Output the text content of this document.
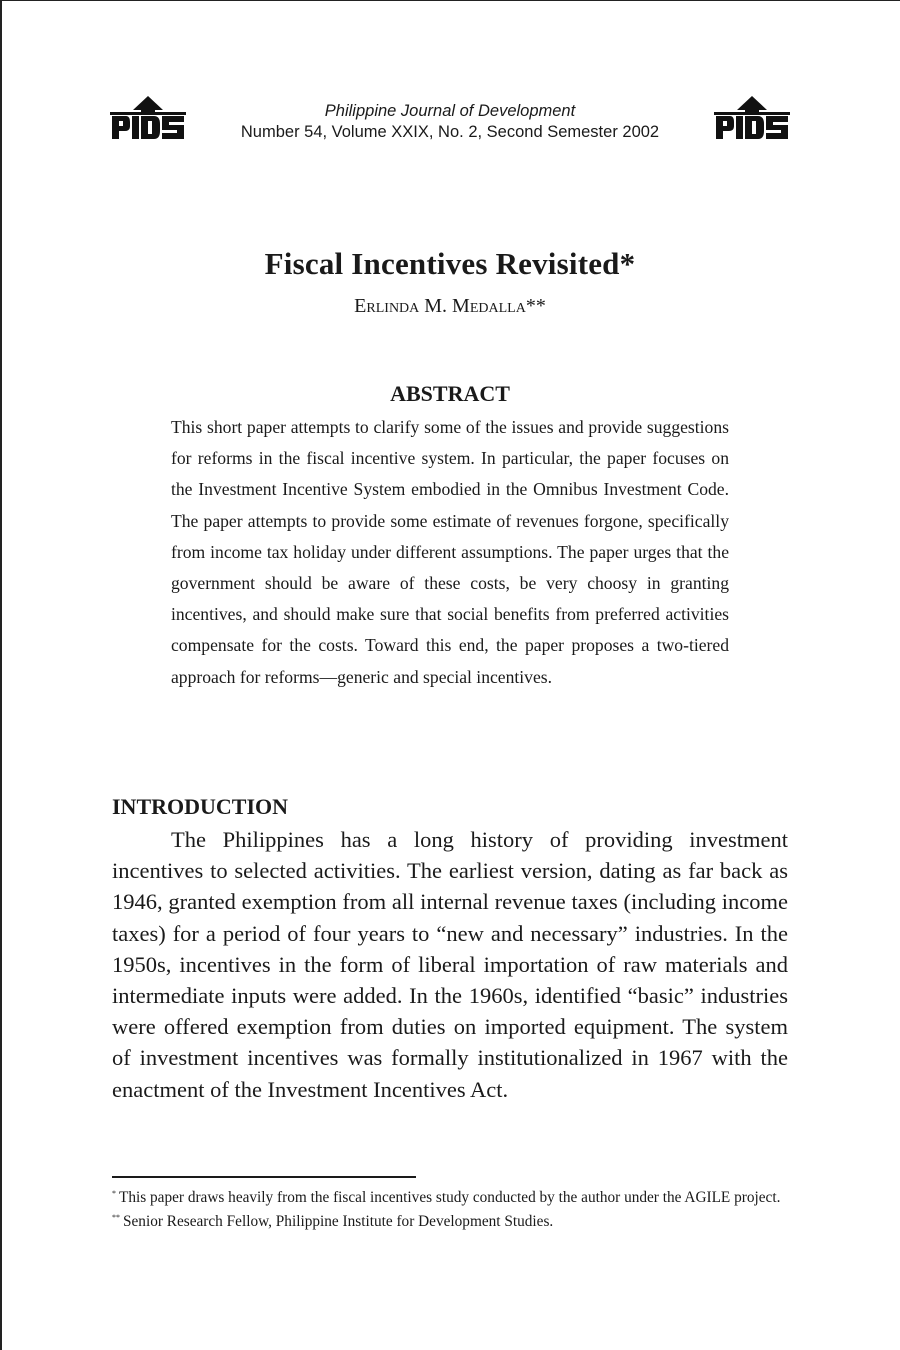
Philippine Journal of Development
Number 54, Volume XXIX, No. 2, Second Semester 2002
Fiscal Incentives Revisited*
Erlinda M. Medalla**
ABSTRACT

This short paper attempts to clarify some of the issues and provide suggestions for reforms in the fiscal incentive system. In particular, the paper focuses on the Investment Incentive System embodied in the Omnibus Investment Code. The paper attempts to provide some estimate of revenues forgone, specifically from income tax holiday under different assumptions. The paper urges that the government should be aware of these costs, be very choosy in granting incentives, and should make sure that social benefits from preferred activities compensate for the costs. Toward this end, the paper proposes a two-tiered approach for reforms—generic and special incentives.

INTRODUCTION

The Philippines has a long history of providing investment incentives to selected activities. The earliest version, dating as far back as 1946, granted exemption from all internal revenue taxes (including income taxes) for a period of four years to “new and necessary” industries. In the 1950s, incentives in the form of liberal importation of raw materials and intermediate inputs were added. In the 1960s, identified “basic” industries were offered exemption from duties on imported equipment. The system of investment incentives was formally institutionalized in 1967 with the enactment of the Investment Incentives Act.

* This paper draws heavily from the fiscal incentives study conducted by the author under the AGILE project.

** Senior Research Fellow, Philippine Institute for Development Studies.
